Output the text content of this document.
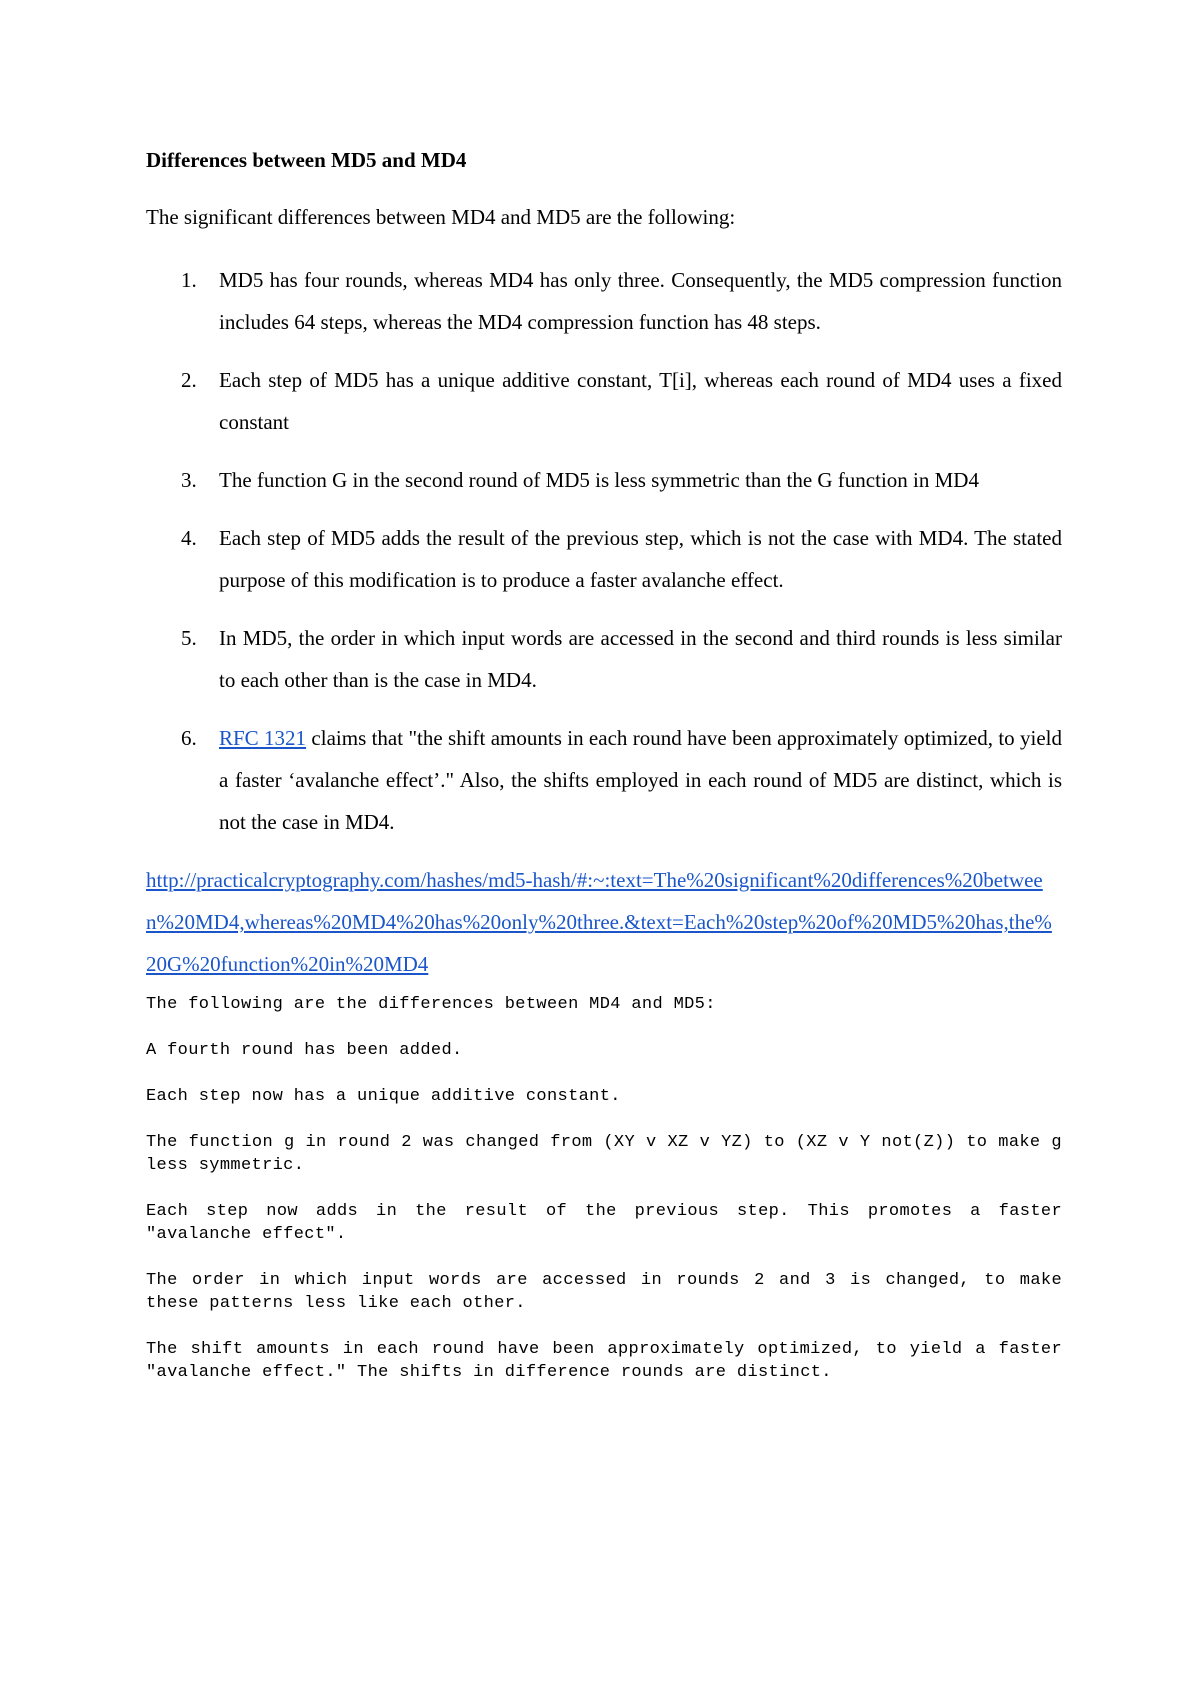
Differences between MD5 and MD4
The significant differences between MD4 and MD5 are the following:
1. MD5 has four rounds, whereas MD4 has only three. Consequently, the MD5 compression function includes 64 steps, whereas the MD4 compression function has 48 steps.
2. Each step of MD5 has a unique additive constant, T[i], whereas each round of MD4 uses a fixed constant
3. The function G in the second round of MD5 is less symmetric than the G function in MD4
4. Each step of MD5 adds the result of the previous step, which is not the case with MD4. The stated purpose of this modification is to produce a faster avalanche effect.
5. In MD5, the order in which input words are accessed in the second and third rounds is less similar to each other than is the case in MD4.
6. RFC 1321 claims that "the shift amounts in each round have been approximately optimized, to yield a faster ‘avalanche effect’." Also, the shifts employed in each round of MD5 are distinct, which is not the case in MD4.
http://practicalcryptography.com/hashes/md5-hash/#:~:text=The%20significant%20differences%20between%20MD4,whereas%20MD4%20has%20only%20three.&text=Each%20step%20of%20MD5%20has,the%20G%20function%20in%20MD4
The following are the differences between MD4 and MD5:
A fourth round has been added.
Each step now has a unique additive constant.
The function g in round 2 was changed from (XY v XZ v YZ) to (XZ v Y not(Z)) to make g less symmetric.
Each step now adds in the result of the previous step. This promotes a faster "avalanche effect".
The order in which input words are accessed in rounds 2 and 3 is changed, to make these patterns less like each other.
The shift amounts in each round have been approximately optimized, to yield a faster "avalanche effect." The shifts in difference rounds are distinct.
